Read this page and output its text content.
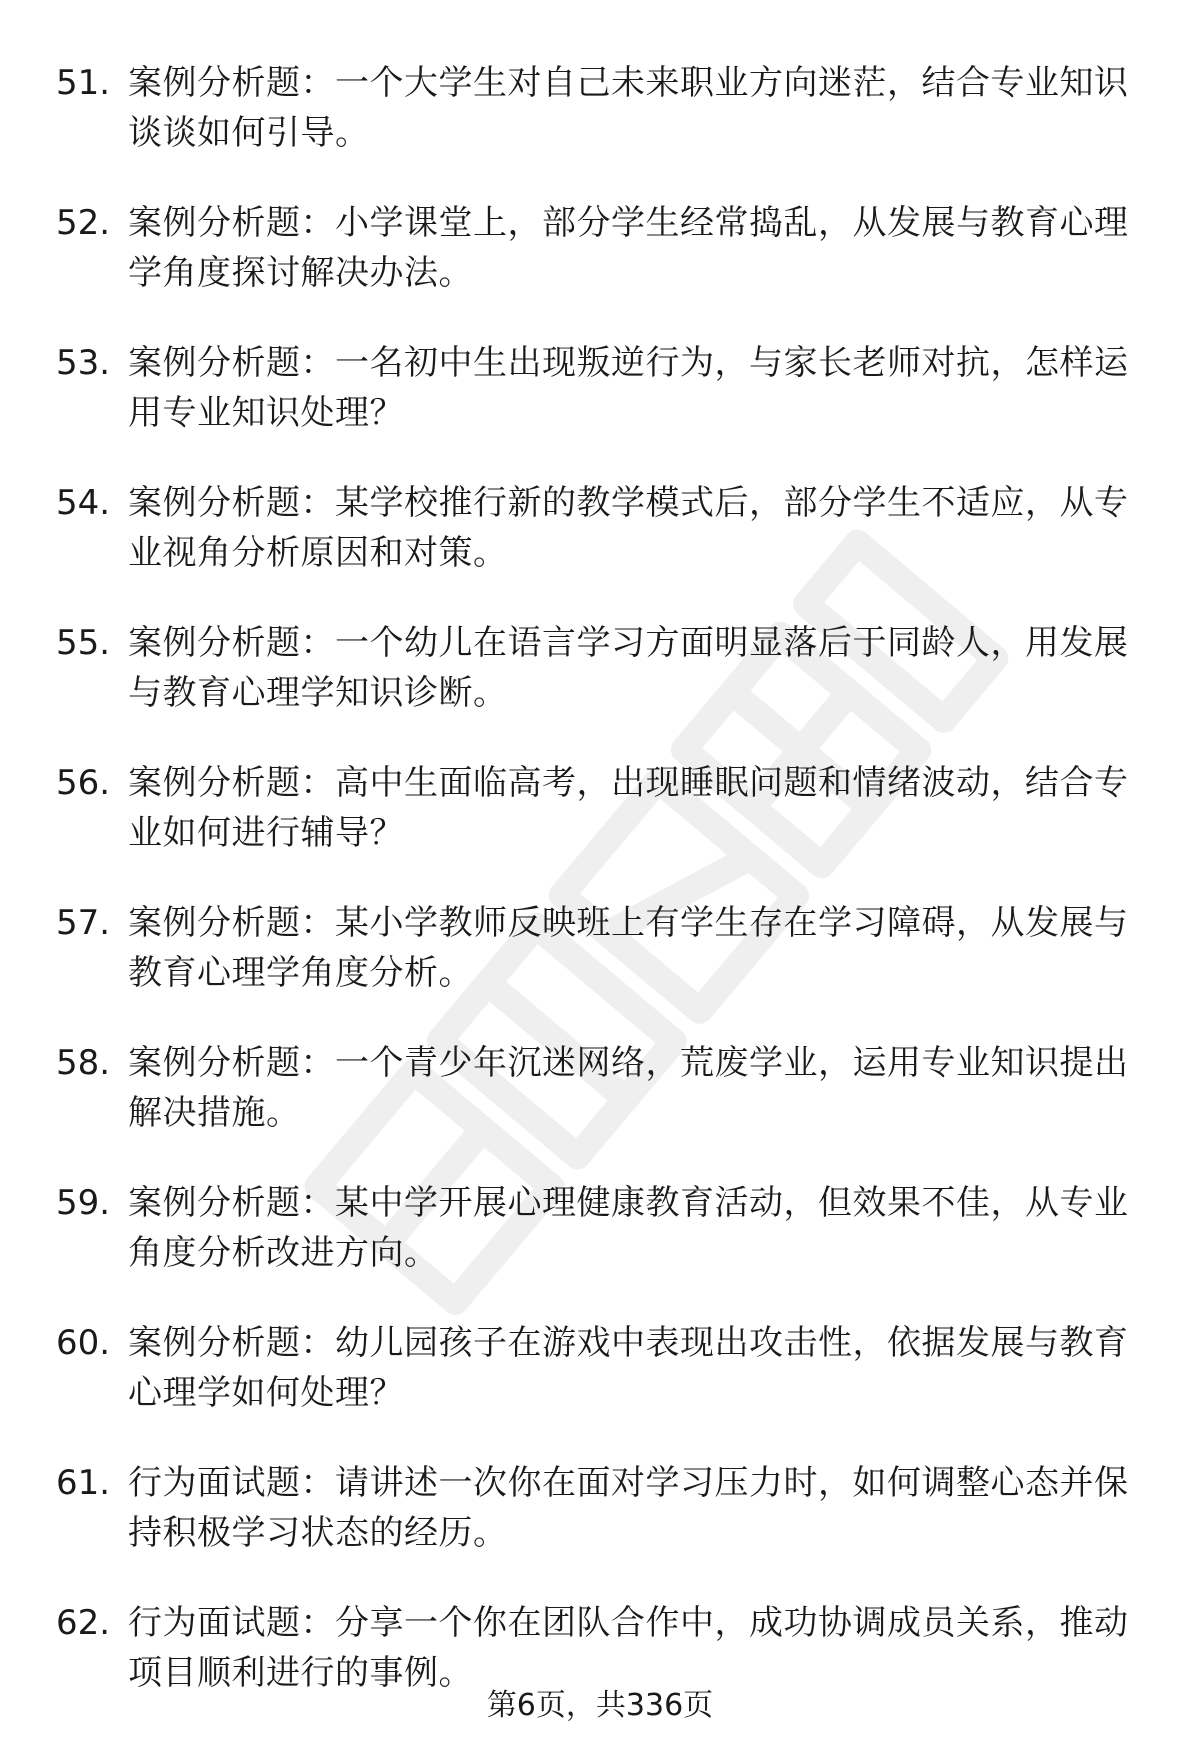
51. 案例分析题：一个大学生对自己未来职业方向迷茫，结合专业知识谈谈如何引导。
52. 案例分析题：小学课堂上，部分学生经常捣乱，从发展与教育心理学角度探讨解决办法。
53. 案例分析题：一名初中生出现叛逆行为，与家长老师对抗，怎样运用专业知识处理？
54. 案例分析题：某学校推行新的教学模式后，部分学生不适应，从专业视角分析原因和对策。
55. 案例分析题：一个幼儿在语言学习方面明显落后于同龄人，用发展与教育心理学知识诊断。
56. 案例分析题：高中生面临高考，出现睡眠问题和情绪波动，结合专业如何进行辅导？
57. 案例分析题：某小学教师反映班上有学生存在学习障碍，从发展与教育心理学角度分析。
58. 案例分析题：一个青少年沉迷网络，荒废学业，运用专业知识提出解决措施。
59. 案例分析题：某中学开展心理健康教育活动，但效果不佳，从专业角度分析改进方向。
60. 案例分析题：幼儿园孩子在游戏中表现出攻击性，依据发展与教育心理学如何处理？
61. 行为面试题：请讲述一次你在面对学习压力时，如何调整心态并保持积极学习状态的经历。
62. 行为面试题：分享一个你在团队合作中，成功协调成员关系，推动项目顺利进行的事例。
第6页，共336页
